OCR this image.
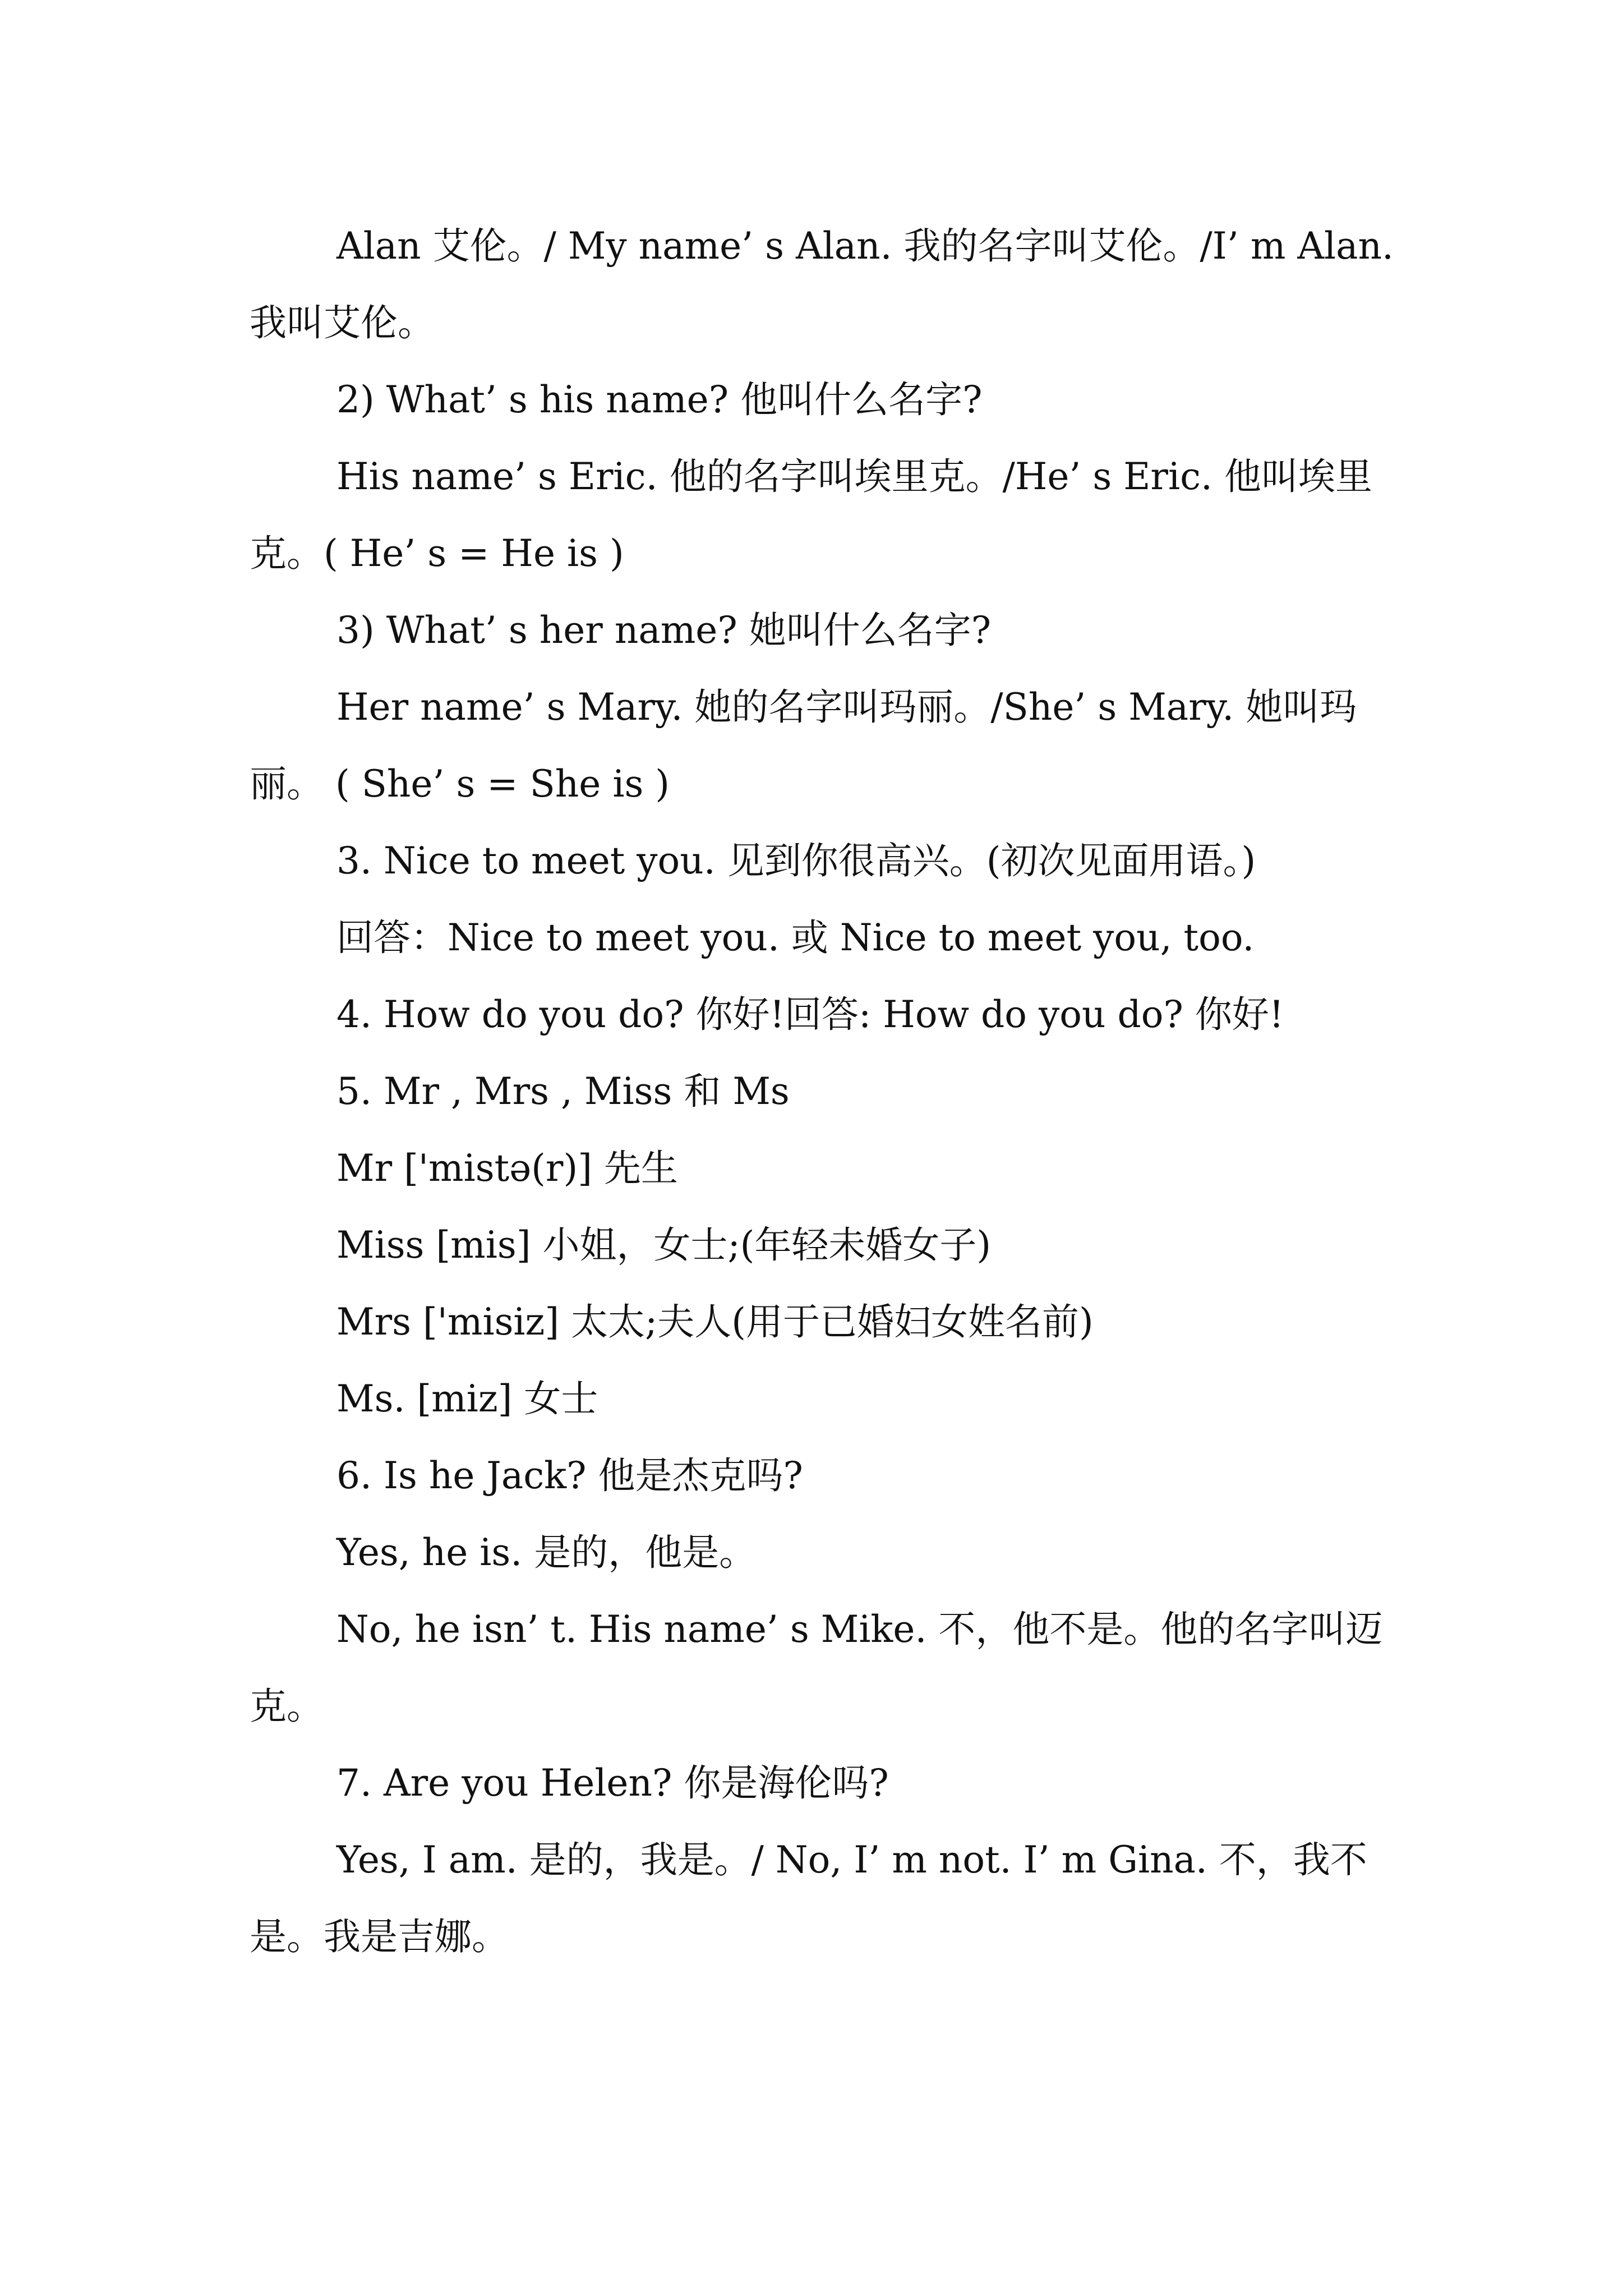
Alan 艾伦。/ My name’ s Alan. 我的名字叫艾伦。/I’ m Alan. 我叫艾伦。

2) What’ s his name? 他叫什么名字?

His name’ s Eric. 他的名字叫埃里克。/He’ s Eric. 他叫埃里克。( He’ s = He is )

3) What’ s her name? 她叫什么名字?

Her name’ s Mary. 她的名字叫玛丽。/She’ s Mary. 她叫玛丽。 ( She’ s = She is )

3. Nice to meet you. 见到你很高兴。(初次见面用语。)

回答：Nice to meet you. 或 Nice to meet you, too.

4. How do you do? 你好!回答: How do you do? 你好!

5. Mr , Mrs , Miss 和 Ms

Mr ['mistə(r)] 先生

Miss [mis] 小姐，女士;(年轻未婚女子)

Mrs ['misiz] 太太;夫人(用于已婚妇女姓名前)

Ms. [miz] 女士

6. Is he Jack? 他是杰克吗?

Yes, he is. 是的，他是。

No, he isn’ t. His name’ s Mike. 不，他不是。他的名字叫迈克。

7. Are you Helen? 你是海伦吗?

Yes, I am. 是的，我是。/ No, I’ m not. I’ m Gina. 不，我不是。我是吉娜。
